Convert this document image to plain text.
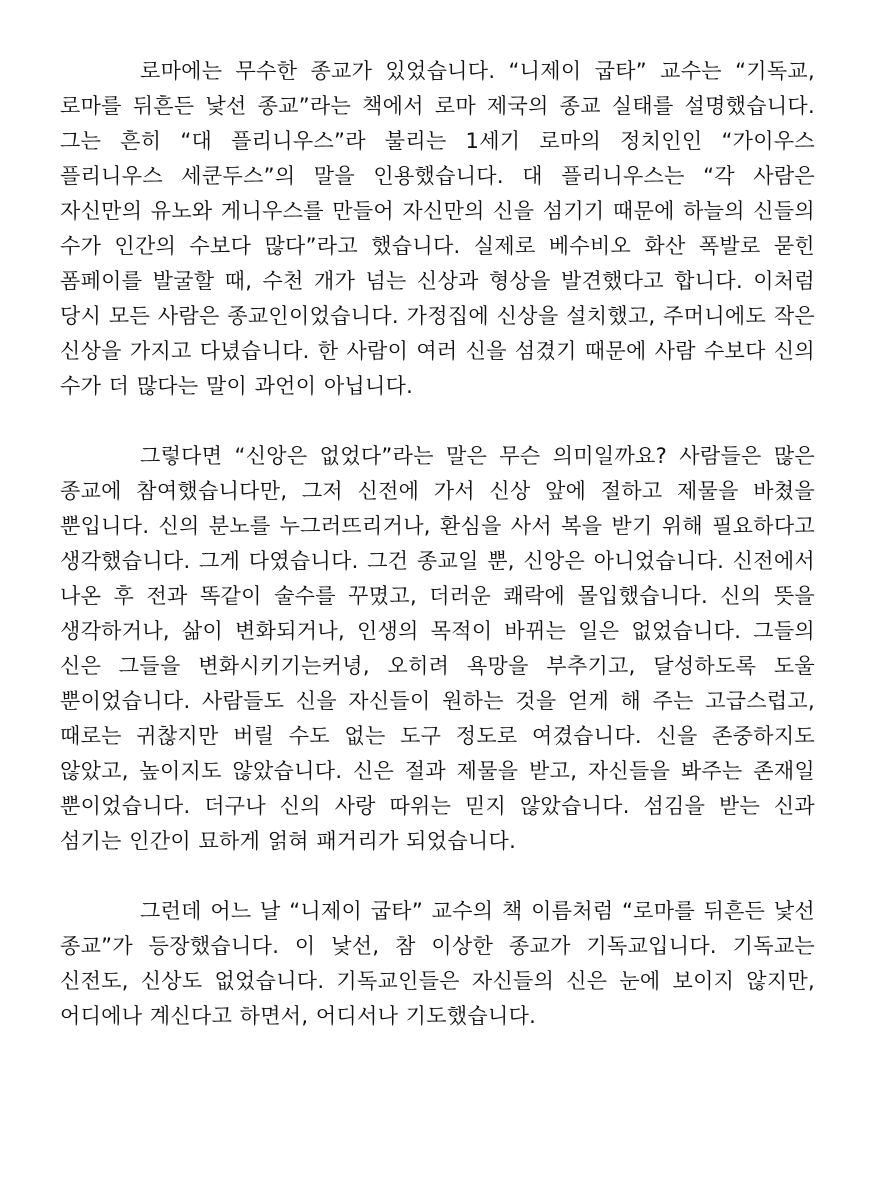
로마에는 무수한 종교가 있었습니다. “니제이 굽타” 교수는 “기독교, 로마를 뒤흔든 낯선 종교”라는 책에서 로마 제국의 종교 실태를 설명했습니다. 그는 흔히 “대 플리니우스”라 불리는 1세기 로마의 정치인인 “가이우스 플리니우스 세쿤두스”의 말을 인용했습니다. 대 플리니우스는 “각 사람은 자신만의 유노와 게니우스를 만들어 자신만의 신을 섬기기 때문에 하늘의 신들의 수가 인간의 수보다 많다”라고 했습니다. 실제로 베수비오 화산 폭발로 묻힌 폼페이를 발굴할 때, 수천 개가 넘는 신상과 형상을 발견했다고 합니다. 이처럼 당시 모든 사람은 종교인이었습니다. 가정집에 신상을 설치했고, 주머니에도 작은 신상을 가지고 다녔습니다. 한 사람이 여러 신을 섬겼기 때문에 사람 수보다 신의 수가 더 많다는 말이 과언이 아닙니다.

그렇다면 “신앙은 없었다”라는 말은 무슨 의미일까요? 사람들은 많은 종교에 참여했습니다만, 그저 신전에 가서 신상 앞에 절하고 제물을 바쳤을 뿐입니다. 신의 분노를 누그러뜨리거나, 환심을 사서 복을 받기 위해 필요하다고 생각했습니다. 그게 다였습니다. 그건 종교일 뿐, 신앙은 아니었습니다. 신전에서 나온 후 전과 똑같이 술수를 꾸몄고, 더러운 쾌락에 몰입했습니다. 신의 뜻을 생각하거나, 삶이 변화되거나, 인생의 목적이 바뀌는 일은 없었습니다. 그들의 신은 그들을 변화시키기는커녕, 오히려 욕망을 부추기고, 달성하도록 도울 뿐이었습니다. 사람들도 신을 자신들이 원하는 것을 얻게 해 주는 고급스럽고, 때로는 귀찮지만 버릴 수도 없는 도구 정도로 여겼습니다. 신을 존중하지도 않았고, 높이지도 않았습니다. 신은 절과 제물을 받고, 자신들을 봐주는 존재일 뿐이었습니다. 더구나 신의 사랑 따위는 믿지 않았습니다. 섬김을 받는 신과 섬기는 인간이 묘하게 얽혀 패거리가 되었습니다.

그런데 어느 날 “니제이 굽타” 교수의 책 이름처럼 “로마를 뒤흔든 낯선 종교”가 등장했습니다. 이 낯선, 참 이상한 종교가 기독교입니다. 기독교는 신전도, 신상도 없었습니다. 기독교인들은 자신들의 신은 눈에 보이지 않지만, 어디에나 계신다고 하면서, 어디서나 기도했습니다.
